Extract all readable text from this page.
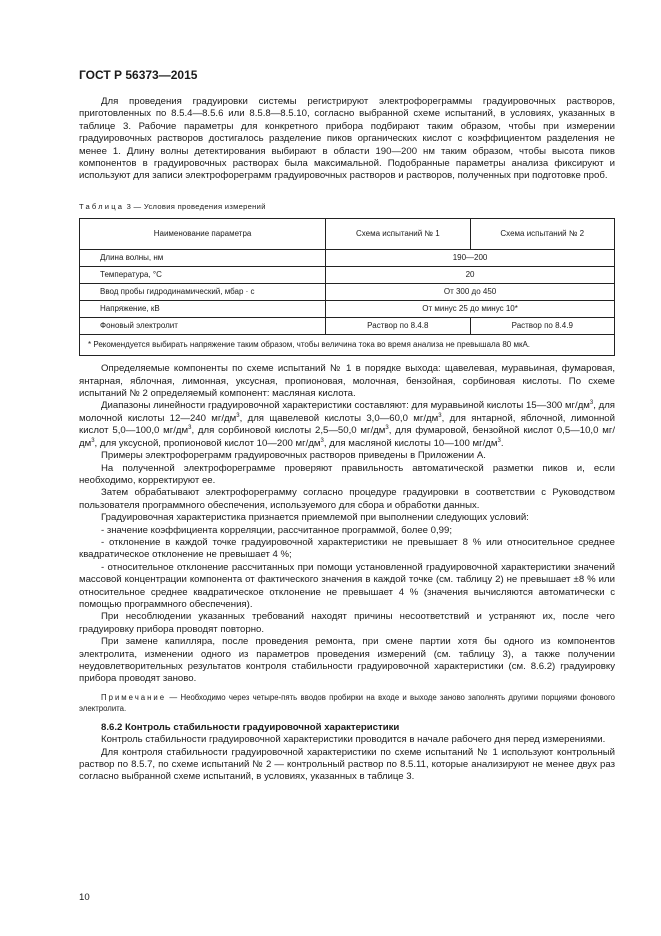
ГОСТ Р 56373—2015

Для проведения градуировки системы регистрируют электрофореграммы градуировочных растворов, приготовленных по 8.5.4—8.5.6 или 8.5.8—8.5.10, согласно выбранной схеме испытаний, в условиях, указанных в таблице 3. Рабочие параметры для конкретного прибора подбирают таким образом, чтобы при измерении градуировочных растворов достигалось разделение пиков органических кислот с коэффициентом разделения не менее 1. Длину волны детектирования выбирают в области 190—200 нм таким образом, чтобы высота пиков компонентов в градуировочных растворах была максимальной. Подобранные параметры анализа фиксируют и используют для записи электрофореграмм градуировочных растворов и растворов, полученных при подготовке проб.

Таблица 3 — Условия проведения измерений

Наименование параметра	Схема испытаний № 1	Схема испытаний № 2
Длина волны, нм	190—200	
Температура, °С	20	
Ввод пробы гидродинамический, мбар · с	От 300 до 450	
Напряжение, кВ	От минус 25 до минус 10*	
Фоновый электролит	Раствор по 8.4.8	Раствор по 8.4.9
* Рекомендуется выбирать напряжение таким образом, чтобы величина тока во время анализа не превышала 80 мкА.		

Определяемые компоненты по схеме испытаний № 1 в порядке выхода: щавелевая, муравьиная, фумаровая, янтарная, яблочная, лимонная, уксусная, пропионовая, молочная, бензойная, сорбиновая кислоты. По схеме испытаний № 2 определяемый компонент: масляная кислота.

Диапазоны линейности градуировочной характеристики составляют: для муравьиной кислоты 15—300 $мг/дм^3$, для молочной кислоты 12—240 $мг/дм^3$, для щавелевой кислоты 3,0—60,0 $мг/дм^3$, для янтарной, яблочной, лимонной кислот 5,0—100,0 $мг/дм^3$, для сорбиновой кислоты 2,5—50,0 $мг/дм^3$, для фумаровой, бензойной кислот 0,5—10,0 $мг/дм^3$, для уксусной, пропионовой кислот 10—200 $мг/дм^3$, для масляной кислоты 10—100 $мг/дм^3$.

Примеры электрофореграмм градуировочных растворов приведены в Приложении А.

На полученной электрофореграмме проверяют правильность автоматической разметки пиков и, если необходимо, корректируют ее.

Затем обрабатывают электрофореграмму согласно процедуре градуировки в соответствии с Руководством пользователя программного обеспечения, используемого для сбора и обработки данных.

Градуировочная характеристика признается приемлемой при выполнении следующих условий:

- значение коэффициента корреляции, рассчитанное программой, более 0,99;

- отклонение в каждой точке градуировочной характеристики не превышает 8 % или относительное среднее квадратическое отклонение не превышает 4 %;

- относительное отклонение рассчитанных при помощи установленной градуировочной характеристики значений массовой концентрации компонента от фактического значения в каждой точке (см. таблицу 2) не превышает ±8 % или относительное среднее квадратическое отклонение не превышает 4 % (значения вычисляются автоматически с помощью программного обеспечения).

При несоблюдении указанных требований находят причины несоответствий и устраняют их, после чего градуировку прибора проводят повторно.

При замене капилляра, после проведения ремонта, при смене партии хотя бы одного из компонентов электролита, изменении одного из параметров проведения измерений (см. таблицу 3), а также получении неудовлетворительных результатов контроля стабильности градуировочной характеристики (см. 8.6.2) градуировку прибора проводят заново.

Примечание — Необходимо через четыре-пять вводов пробирки на входе и выходе заново заполнять другими порциями фонового электролита.

8.6.2 Контроль стабильности градуировочной характеристики

Контроль стабильности градуировочной характеристики проводится в начале рабочего дня перед измерениями.

Для контроля стабильности градуировочной характеристики по схеме испытаний № 1 используют контрольный раствор по 8.5.7, по схеме испытаний № 2 — контрольный раствор по 8.5.11, которые анализируют не менее двух раз согласно выбранной схеме испытаний, в условиях, указанных в таблице 3.

10
